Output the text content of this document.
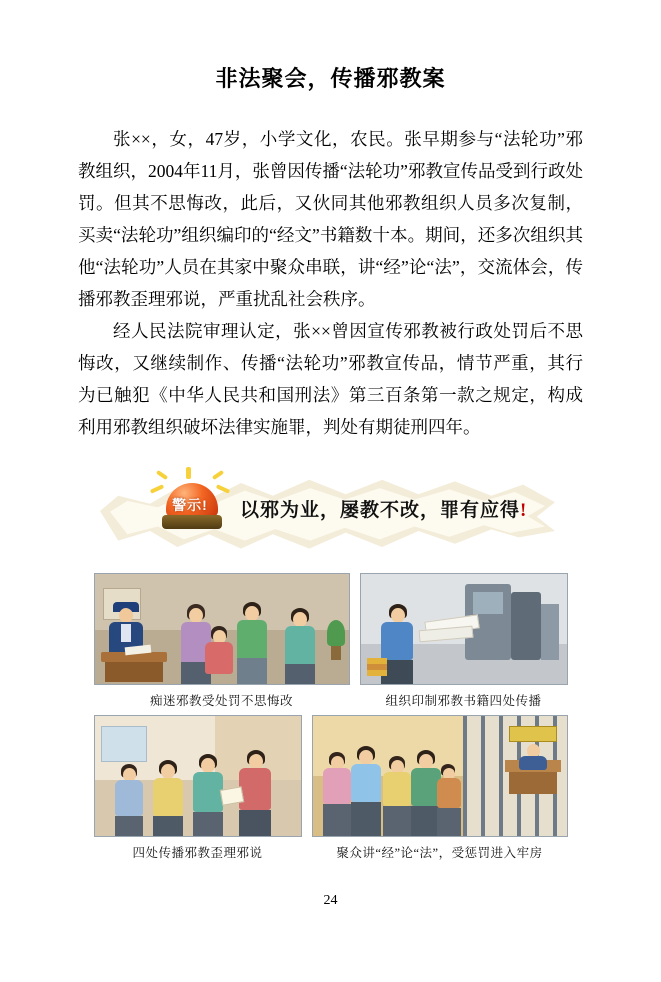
非法聚会，传播邪教案

张××，女，47岁，小学文化，农民。张早期参与“法轮功”邪教组织，2004年11月，张曾因传播“法轮功”邪教宣传品受到行政处罚。但其不思悔改，此后，又伙同其他邪教组织人员多次复制，买卖“法轮功”组织编印的“经文”书籍数十本。期间，还多次组织其他“法轮功”人员在其家中聚众串联，讲“经”论“法”，交流体会，传播邪教歪理邪说，严重扰乱社会秩序。

经人民法院审理认定，张××曾因宣传邪教被行政处罚后不思悔改，又继续制作、传播“法轮功”邪教宣传品，情节严重，其行为已触犯《中华人民共和国刑法》第三百条第一款之规定，构成利用邪教组织破坏法律实施罪，判处有期徒刑四年。

警示!	以邪为业，屡教不改，罪有应得!
痴迷邪教受处罚不思悔改	组织印制邪教书籍四处传播
四处传播邪教歪理邪说	聚众讲“经”论“法”，受惩罚进入牢房
24
